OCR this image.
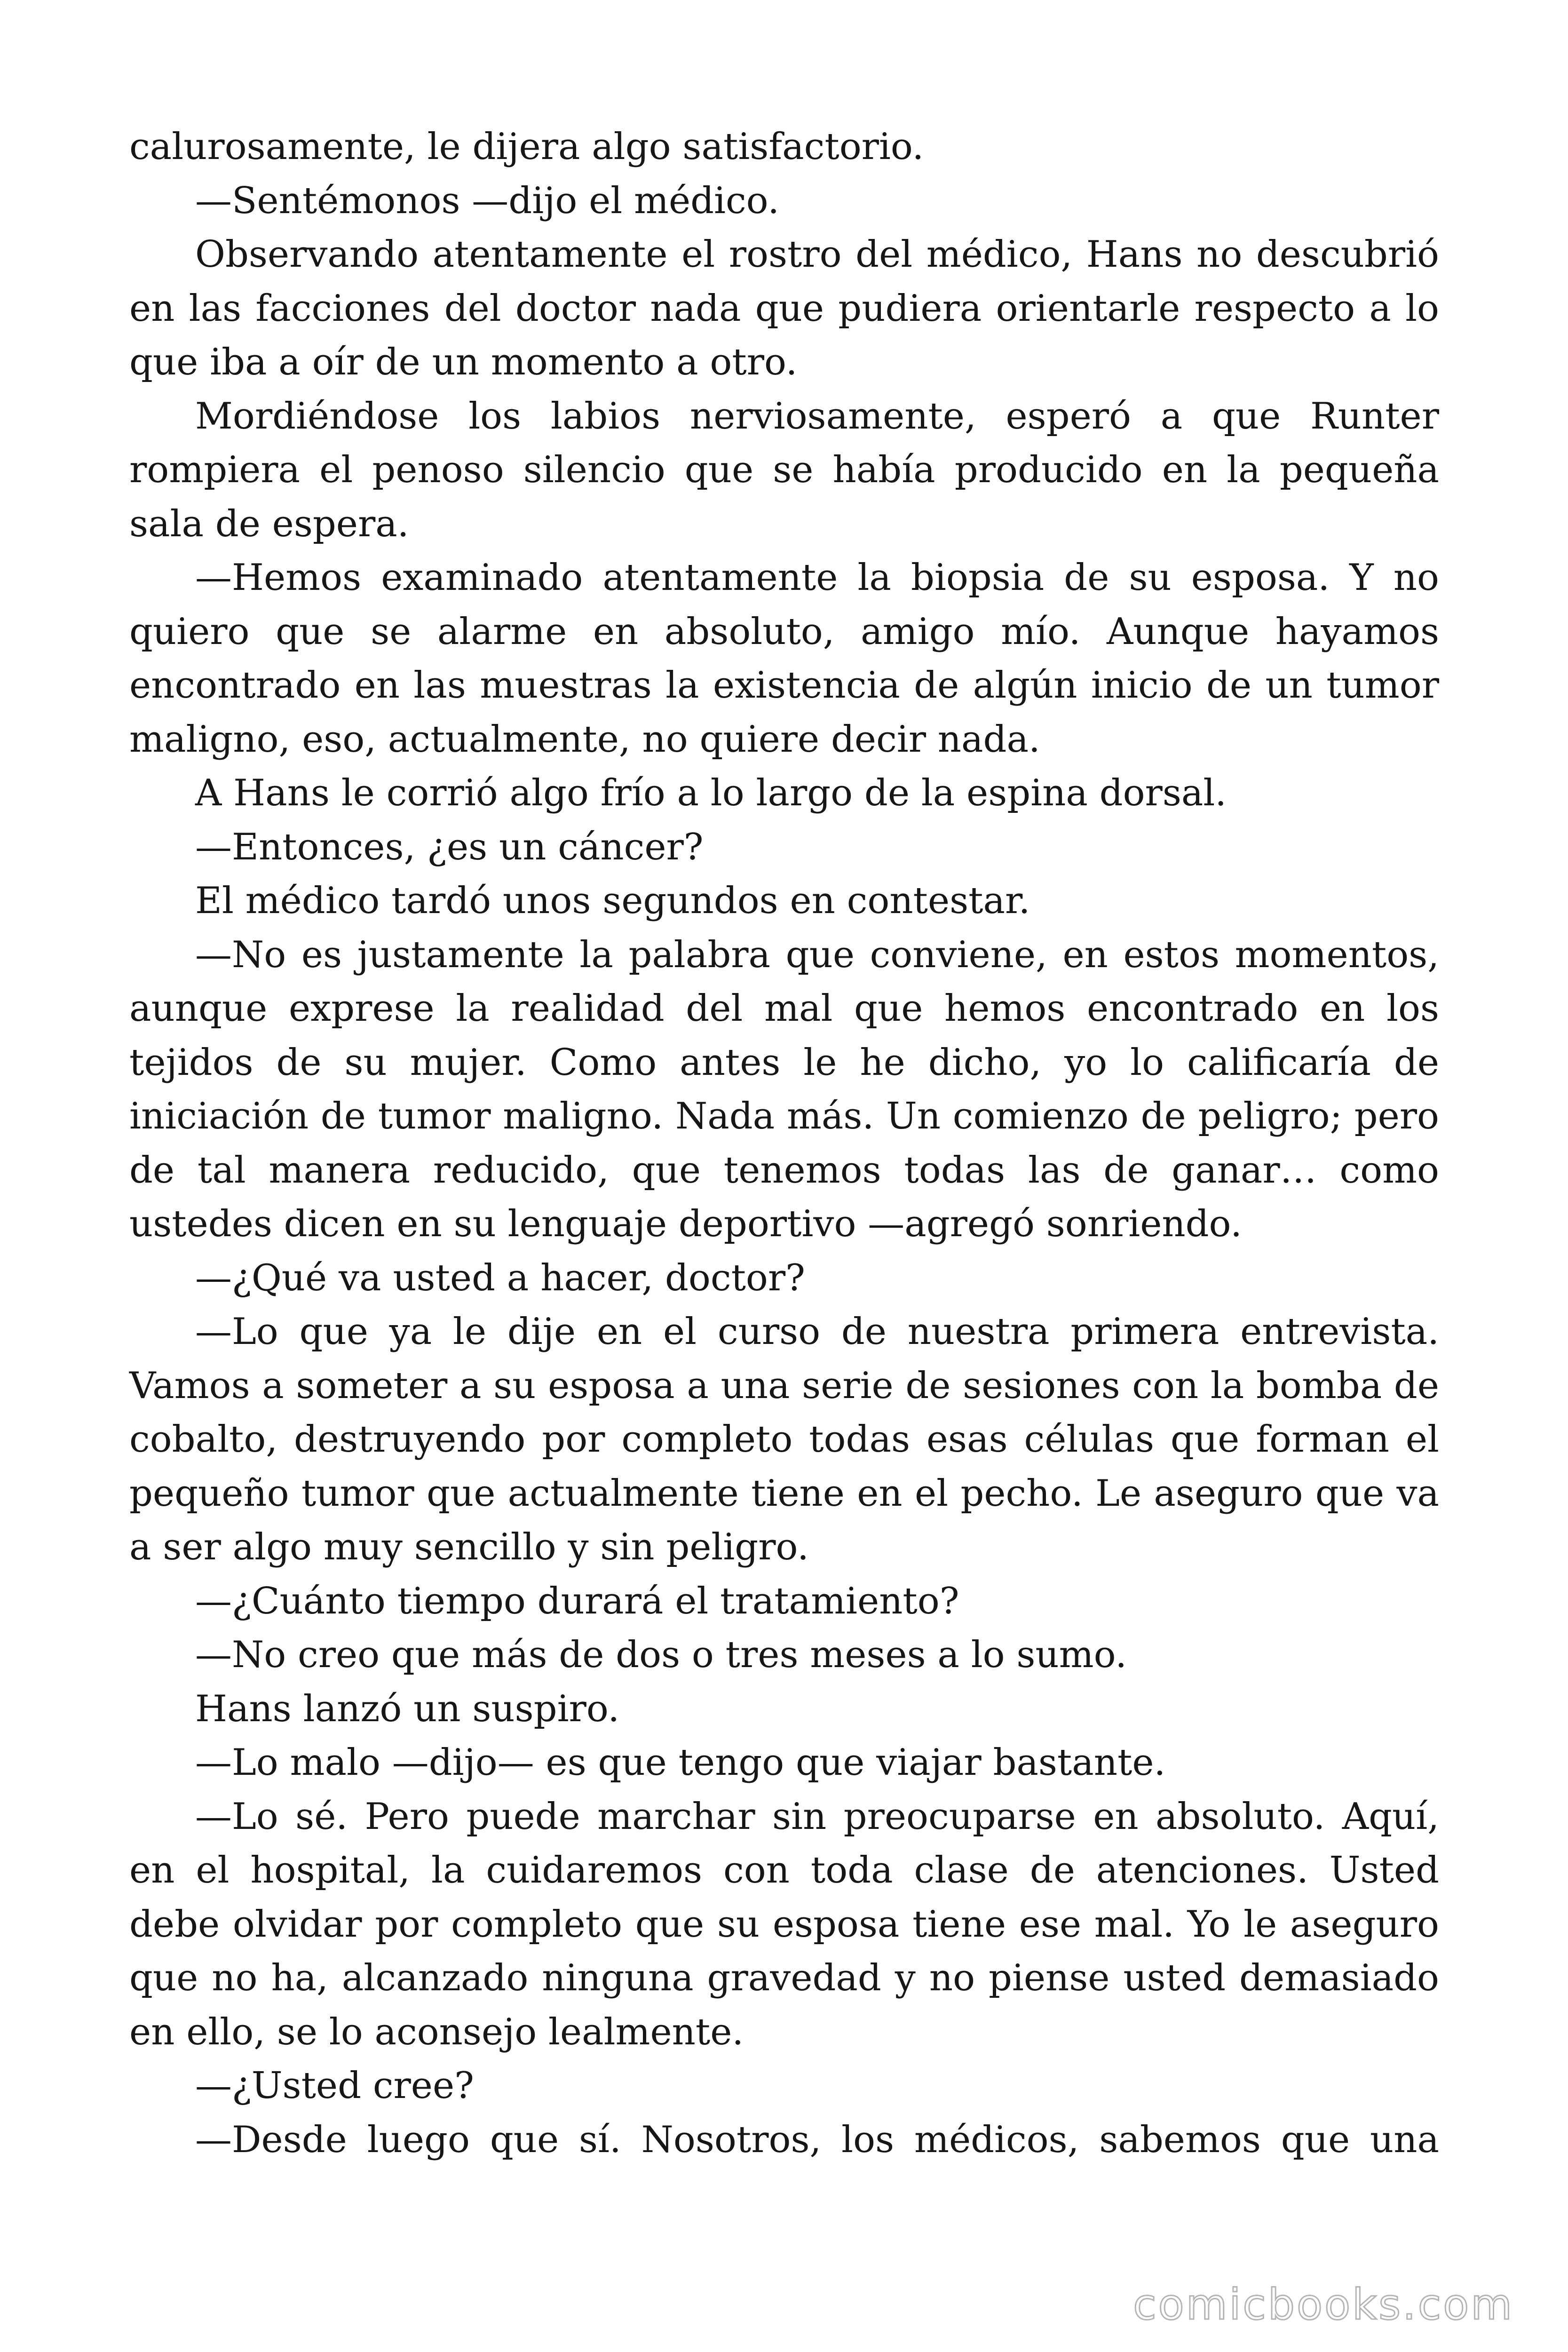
calurosamente, le dijera algo satisfactorio.

—Sentémonos —dijo el médico.

Observando atentamente el rostro del médico, Hans no descubrió en las facciones del doctor nada que pudiera orientarle respecto a lo que iba a oír de un momento a otro.

Mordiéndose los labios nerviosamente, esperó a que Runter rompiera el penoso silencio que se había producido en la pequeña sala de espera.

—Hemos examinado atentamente la biopsia de su esposa. Y no quiero que se alarme en absoluto, amigo mío. Aunque hayamos encontrado en las muestras la existencia de algún inicio de un tumor maligno, eso, actualmente, no quiere decir nada.

A Hans le corrió algo frío a lo largo de la espina dorsal.

—Entonces, ¿es un cáncer?

El médico tardó unos segundos en contestar.

—No es justamente la palabra que conviene, en estos momentos, aunque exprese la realidad del mal que hemos encontrado en los tejidos de su mujer. Como antes le he dicho, yo lo calificaría de iniciación de tumor maligno. Nada más. Un comienzo de peligro; pero de tal manera reducido, que tenemos todas las de ganar… como ustedes dicen en su lenguaje deportivo —agregó sonriendo.

—¿Qué va usted a hacer, doctor?

—Lo que ya le dije en el curso de nuestra primera entrevista. Vamos a someter a su esposa a una serie de sesiones con la bomba de cobalto, destruyendo por completo todas esas células que forman el pequeño tumor que actualmente tiene en el pecho. Le aseguro que va a ser algo muy sencillo y sin peligro.

—¿Cuánto tiempo durará el tratamiento?

—No creo que más de dos o tres meses a lo sumo.

Hans lanzó un suspiro.

—Lo malo —dijo— es que tengo que viajar bastante.

—Lo sé. Pero puede marchar sin preocuparse en absoluto. Aquí, en el hospital, la cuidaremos con toda clase de atenciones. Usted debe olvidar por completo que su esposa tiene ese mal. Yo le aseguro que no ha, alcanzado ninguna gravedad y no piense usted demasiado en ello, se lo aconsejo lealmente.

—¿Usted cree?

—Desde luego que sí. Nosotros, los médicos, sabemos que una

comicbooks.com
